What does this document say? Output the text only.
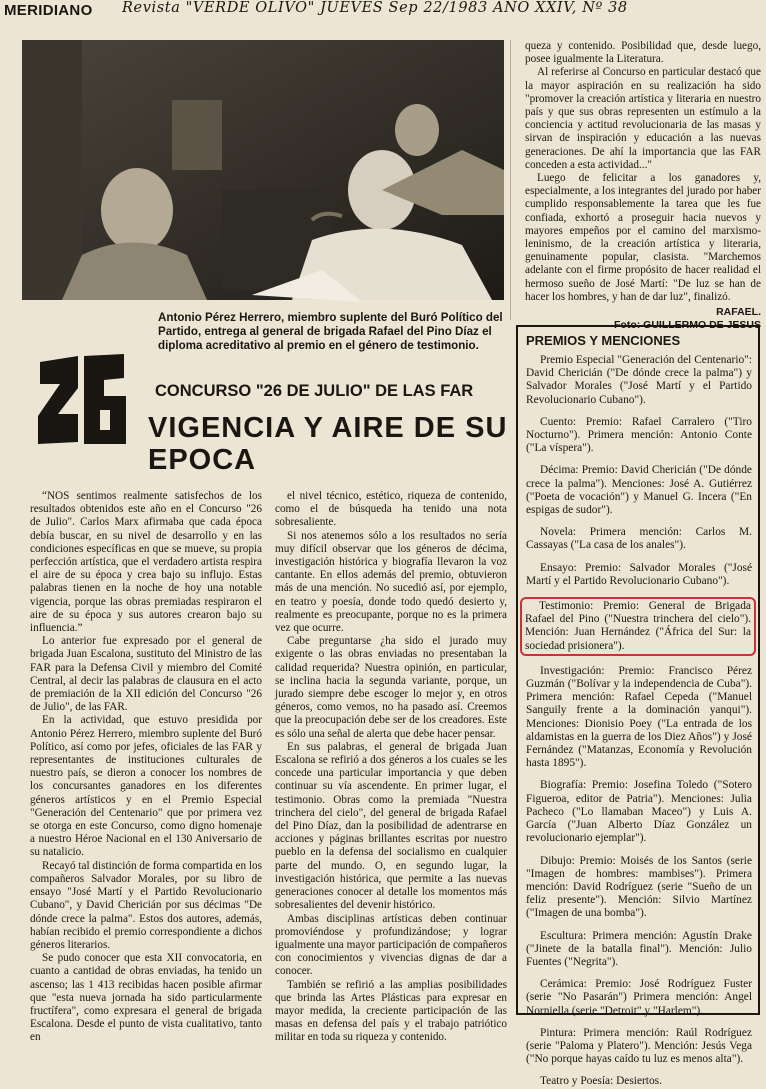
MERIDIANO Revista "VERDE OLIVO" JUEVES Sep 22/1983 AÑO XXIV, Nº 38
Antonio Pérez Herrero, miembro suplente del Buró Político del Partido, entrega al general de brigada Rafael del Pino Díaz el diploma acreditativo al premio en el género de testimonio.
CONCURSO "26 DE JULIO" DE LAS FAR
VIGENCIA Y AIRE DE SU EPOCA

“NOS sentimos realmente satisfechos de los resultados obtenidos este año en el Concurso "26 de Julio". Carlos Marx afirmaba que cada época debía buscar, en su nivel de desarrollo y en las condiciones específicas en que se mueve, su propia perfección artística, que el verdadero artista respira el aire de su época y crea bajo su influjo. Estas palabras tienen en la noche de hoy una notable vigencia, porque las obras premiadas respiraron el aire de su época y sus autores crearon bajo su influencia.”

Lo anterior fue expresado por el general de brigada Juan Escalona, sustituto del Ministro de las FAR para la Defensa Civil y miembro del Comité Central, al decir las palabras de clausura en el acto de premiación de la XII edición del Concurso "26 de Julio", de las FAR.

En la actividad, que estuvo presidida por Antonio Pérez Herrero, miembro suplente del Buró Político, así como por jefes, oficiales de las FAR y representantes de instituciones culturales de nuestro país, se dieron a conocer los nombres de los concursantes ganadores en los diferentes géneros artísticos y en el Premio Especial "Generación del Centenario" que por primera vez se otorga en este Concurso, como digno homenaje a nuestro Héroe Nacional en el 130 Aniversario de su natalicio.

Recayó tal distinción de forma compartida en los compañeros Salvador Morales, por su libro de ensayo "José Martí y el Partido Revolucionario Cubano", y David Chericián por sus décimas "De dónde crece la palma". Estos dos autores, además, habían recibido el premio correspondiente a dichos géneros literarios.

Se pudo conocer que esta XII convocatoria, en cuanto a cantidad de obras enviadas, ha tenido un ascenso; las 1 413 recibidas hacen posible afirmar que "esta nueva jornada ha sido particularmente fructífera", como expresara el general de brigada Escalona. Desde el punto de vista cualitativo, tanto en

el nivel técnico, estético, riqueza de contenido, como el de búsqueda ha tenido una nota sobresaliente.

Si nos atenemos sólo a los resultados no sería muy difícil observar que los géneros de décima, investigación histórica y biografía llevaron la voz cantante. En ellos además del premio, obtuvieron más de una mención. No sucedió así, por ejemplo, en teatro y poesía, donde todo quedó desierto y, realmente es preocupante, porque no es la primera vez que ocurre.

Cabe preguntarse ¿ha sido el jurado muy exigente o las obras enviadas no presentaban la calidad requerida? Nuestra opinión, en particular, se inclina hacia la segunda variante, porque, un jurado siempre debe escoger lo mejor y, en otros géneros, como vemos, no ha pasado así. Creemos que la preocupación debe ser de los creadores. Este es sólo una señal de alerta que debe hacer pensar.

En sus palabras, el general de brigada Juan Escalona se refirió a dos géneros a los cuales se les concede una particular importancia y que deben continuar su vía ascendente. En primer lugar, el testimonio. Obras como la premiada "Nuestra trinchera del cielo", del general de brigada Rafael del Pino Díaz, dan la posibilidad de adentrarse en acciones y páginas brillantes escritas por nuestro pueblo en la defensa del socialismo en cualquier parte del mundo. O, en segundo lugar, la investigación histórica, que permite a las nuevas generaciones conocer al detalle los momentos más sobresalientes del devenir histórico.

Ambas disciplinas artísticas deben continuar promoviéndose y profundizándose; y lograr igualmente una mayor participación de compañeros con conocimientos y vivencias dignas de dar a conocer.

También se refirió a las amplias posibilidades que brinda las Artes Plásticas para expresar en mayor medida, la creciente participación de las masas en defensa del país y el trabajo patriótico militar en toda su riqueza y contenido.

queza y contenido. Posibilidad que, desde luego, posee igualmente la Literatura.

Al referirse al Concurso en particular destacó que la mayor aspiración en su realización ha sido "promover la creación artística y literaria en nuestro país y que sus obras representen un estímulo a la conciencia y actitud revolucionaria de las masas y sirvan de inspiración y educación a las nuevas generaciones. De ahí la importancia que las FAR conceden a esta actividad..."

Luego de felicitar a los ganadores y, especialmente, a los integrantes del jurado por haber cumplido responsablemente la tarea que les fue confiada, exhortó a proseguir hacia nuevos y mayores empeños por el camino del marxismo-leninismo, de la creación artística y literaria, genuinamente popular, clasista. "Marchemos adelante con el firme propósito de hacer realidad el hermoso sueño de José Martí: "De luz se han de hacer los hombres, y han de dar luz", finalizó.

RAFAEL.
Foto: GUILLERMO DE JESUS
PREMIOS Y MENCIONES
Premio Especial "Generación del Centenario": David Chericián ("De dónde crece la palma") y Salvador Morales ("José Martí y el Partido Revolucionario Cubano").
Cuento: Premio: Rafael Carralero ("Tiro Nocturno"). Primera mención: Antonio Conte ("La víspera").
Décima: Premio: David Chericián ("De dónde crece la palma"). Menciones: José A. Gutiérrez ("Poeta de vocación") y Manuel G. Incera ("En espigas de sudor").
Novela: Primera mención: Carlos M. Cassayas ("La casa de los anales").
Ensayo: Premio: Salvador Morales ("José Martí y el Partido Revolucionario Cubano").
Testimonio: Premio: General de Brigada Rafael del Pino ("Nuestra trinchera del cielo"). Mención: Juan Hernández ("África del Sur: la sociedad prisionera").
Investigación: Premio: Francisco Pérez Guzmán ("Bolívar y la independencia de Cuba"). Primera mención: Rafael Cepeda ("Manuel Sanguily frente a la dominación yanqui"). Menciones: Dionisio Poey ("La entrada de los aldamistas en la guerra de los Diez Años") y José Fernández ("Matanzas, Economía y Revolución hasta 1895").
Biografía: Premio: Josefina Toledo ("Sotero Figueroa, editor de Patria"). Menciones: Julia Pacheco ("Lo llamaban Maceo") y Luis A. García ("Juan Alberto Díaz González un revolucionario ejemplar").
Dibujo: Premio: Moisés de los Santos (serie "Imagen de hombres: mambises"). Primera mención: David Rodríguez (serie "Sueño de un feliz presente"). Mención: Silvio Martínez ("Imagen de una bomba").
Escultura: Primera mención: Agustín Drake ("Jinete de la batalla final"). Mención: Julio Fuentes ("Negrita").
Cerámica: Premio: José Rodríguez Fuster (serie "No Pasarán") Primera mención: Angel Norniella (serie "Detroit" y "Harlem").
Pintura: Primera mención: Raúl Rodríguez (serie "Paloma y Platero"). Mención: Jesús Vega ("No porque hayas caído tu luz es menos alta").
Teatro y Poesía: Desiertos.
